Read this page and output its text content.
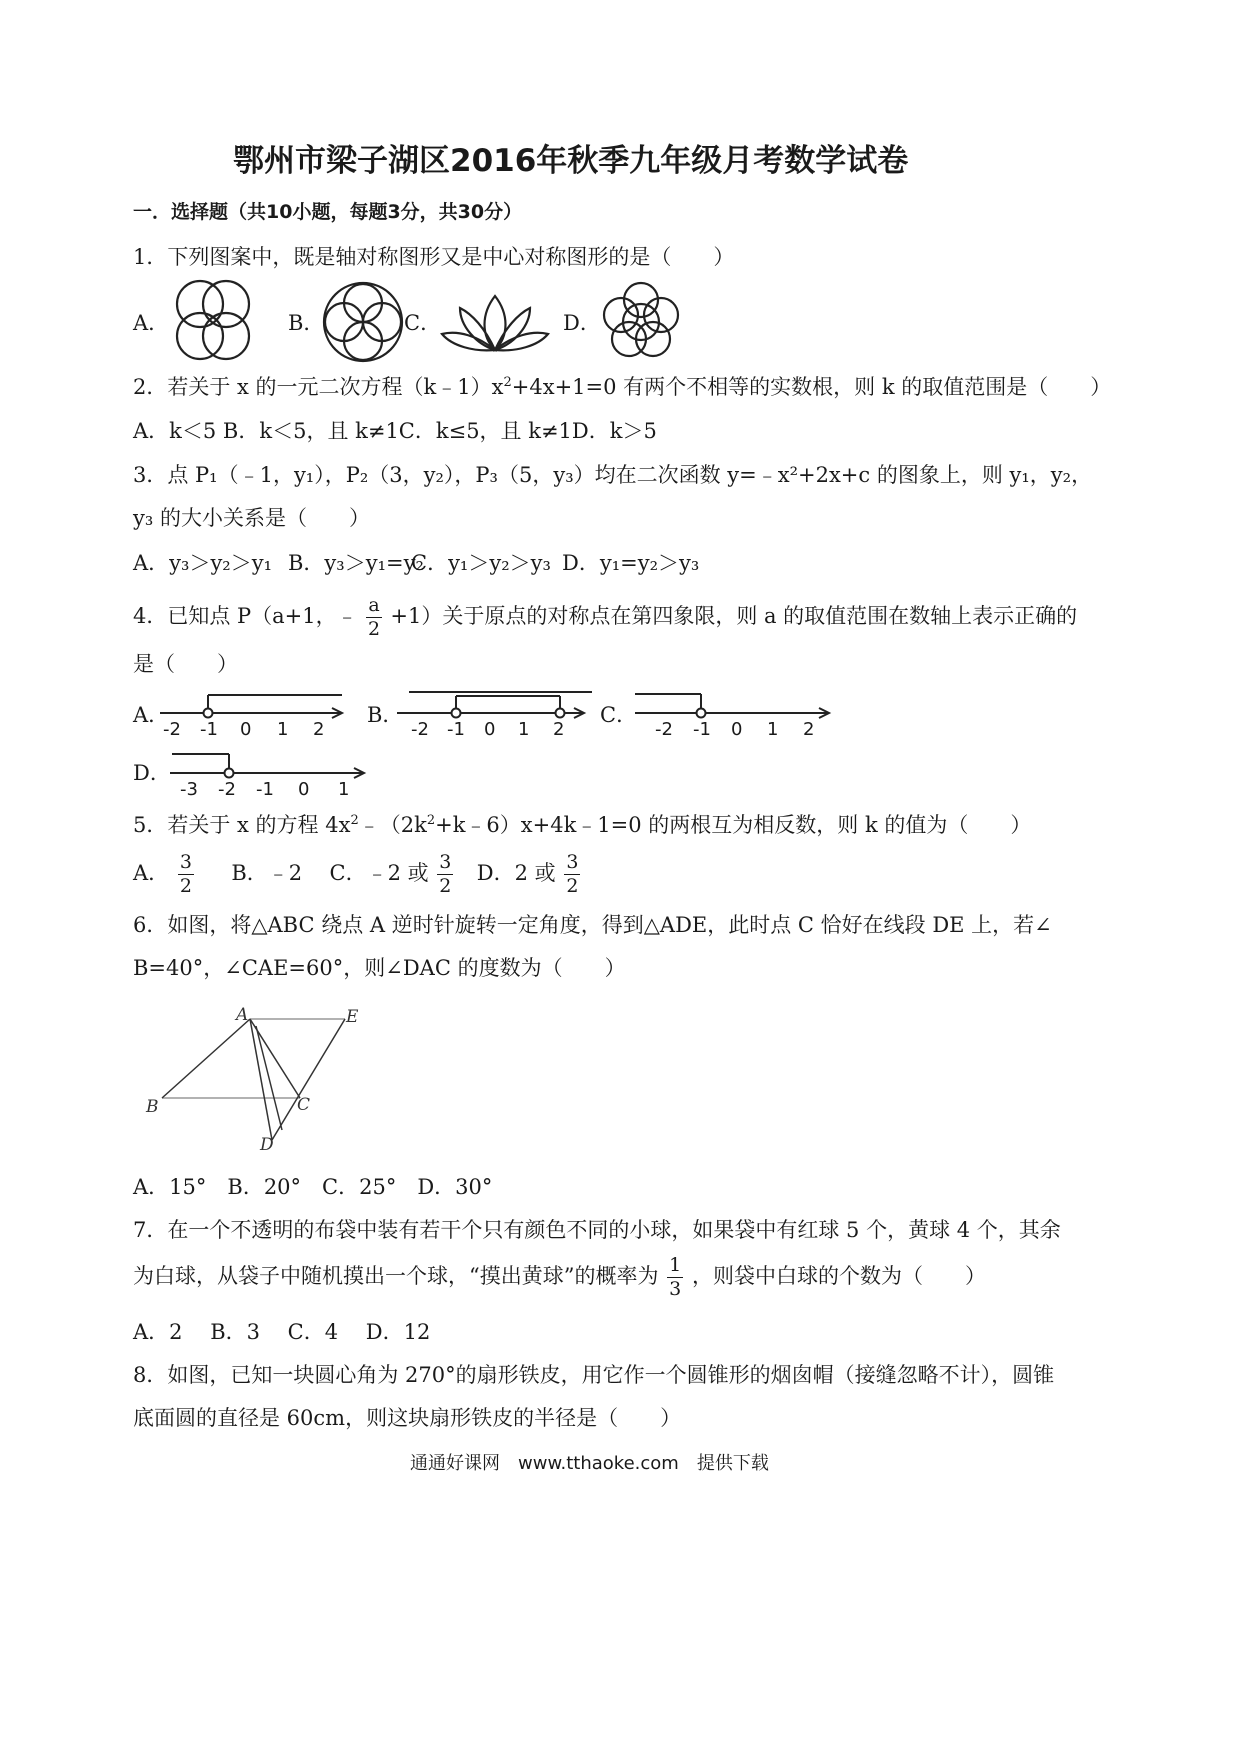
鄂州市梁子湖区2016年秋季九年级月考数学试卷
一．选择题（共10小题，每题3分，共30分）
1．下列图案中，既是轴对称图形又是中心对称图形的是（　　）
A．	B．	C．	D．
2．若关于 x 的一元二次方程$(k﹣1)x^2+4x+1=0$ 有两个不相等的实数根，则 k 的取值范围是（　　）
A．k＜5 B．k＜5，且 k≠1C．k≤5，且 k≠1D．k＞5
3．点 P₁（﹣1，y₁），P₂（3，y₂），P₃（5，y₃）均在二次函数 y=﹣x²+2x+c 的图象上，则 y₁，y₂，
y₃ 的大小关系是（　　）
A．y₃＞y₂＞y₁ B．y₃＞y₁=y₂
C．y₁＞y₂＞y₃ D．y₁=y₂＞y₃
4．已知点 P（a+1，﹣ $\frac{a}{2} +1$）关于原点的对称点在第四象限，则 a 的取值范围在数轴上表示正确的
是（　　）
A．	B．	C．
D．
-2 -1 0 1 2	-2 -1 0 1 2	-2 -1 0 1 2
-3 -2 -1 0 1
5．若关于 x 的方程 $4x^2﹣(2k^2+k﹣6)x+4k﹣1=0$ 的两根互为相反数，则 k 的值为（　　）
A． $\frac{3}{2}$ B．﹣2 C．﹣2 或 $\frac{3}{2}$ D．2 或 $\frac{3}{2}$
6．如图，将△ABC 绕点 A 逆时针旋转一定角度，得到△ADE，此时点 C 恰好在线段 DE 上，若∠
B=40°，∠CAE=60°，则∠DAC 的度数为（　　）
A	E
B	C
D
A．15°　B．20°　C．25°　D．30°
7．在一个不透明的布袋中装有若干个只有颜色不同的小球，如果袋中有红球 5 个，黄球 4 个，其余
为白球，从袋子中随机摸出一个球，“摸出黄球”的概率为 $\frac{1}{3}$ ，则袋中白球的个数为（　　）
A．2　 B．3　 C．4　 D．12
8．如图，已知一块圆心角为 270°的扇形铁皮，用它作一个圆锥形的烟囱帽（接缝忽略不计），圆锥
底面圆的直径是 60cm，则这块扇形铁皮的半径是（　　）
通通好课网　www.tthaoke.com　提供下载
